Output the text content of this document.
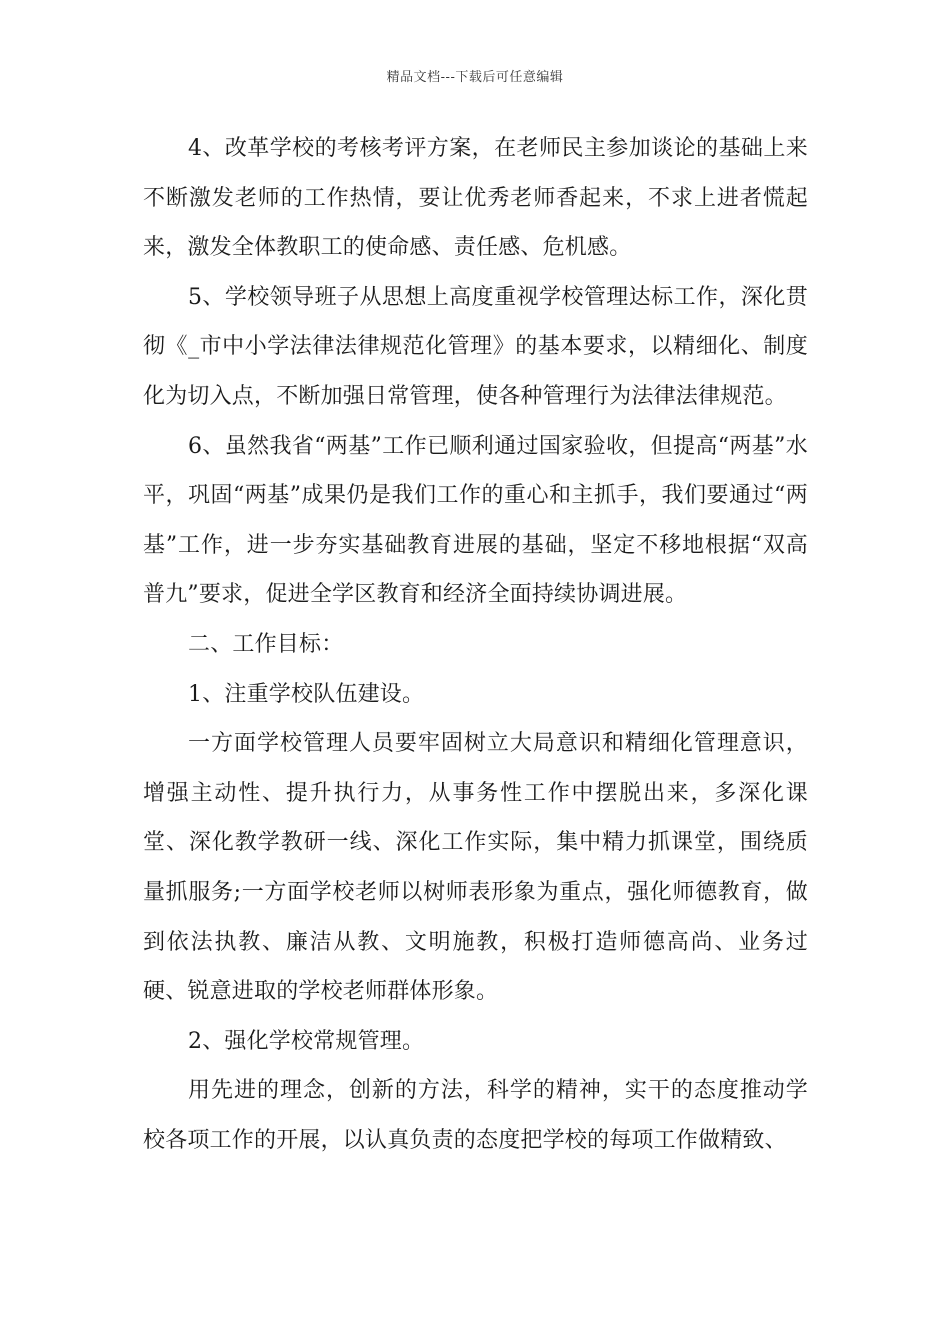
精品文档---下载后可任意编辑

4、改革学校的考核考评方案，在老师民主参加谈论的基础上来不断激发老师的工作热情，要让优秀老师香起来，不求上进者慌起来，激发全体教职工的使命感、责任感、危机感。

5、学校领导班子从思想上高度重视学校管理达标工作，深化贯彻《_市中小学法律法律规范化管理》的基本要求，以精细化、制度化为切入点，不断加强日常管理，使各种管理行为法律法律规范。

6、虽然我省“两基”工作已顺利通过国家验收，但提高“两基”水平，巩固“两基”成果仍是我们工作的重心和主抓手，我们要通过“两基”工作，进一步夯实基础教育进展的基础，坚定不移地根据“双高普九”要求，促进全学区教育和经济全面持续协调进展。

二、工作目标：

1、注重学校队伍建设。

一方面学校管理人员要牢固树立大局意识和精细化管理意识，增强主动性、提升执行力，从事务性工作中摆脱出来，多深化课堂、深化教学教研一线、深化工作实际，集中精力抓课堂，围绕质量抓服务;一方面学校老师以树师表形象为重点，强化师德教育，做到依法执教、廉洁从教、文明施教，积极打造师德高尚、业务过硬、锐意进取的学校老师群体形象。

2、强化学校常规管理。

用先进的理念，创新的方法，科学的精神，实干的态度推动学校各项工作的开展，以认真负责的态度把学校的每项工作做精致、
